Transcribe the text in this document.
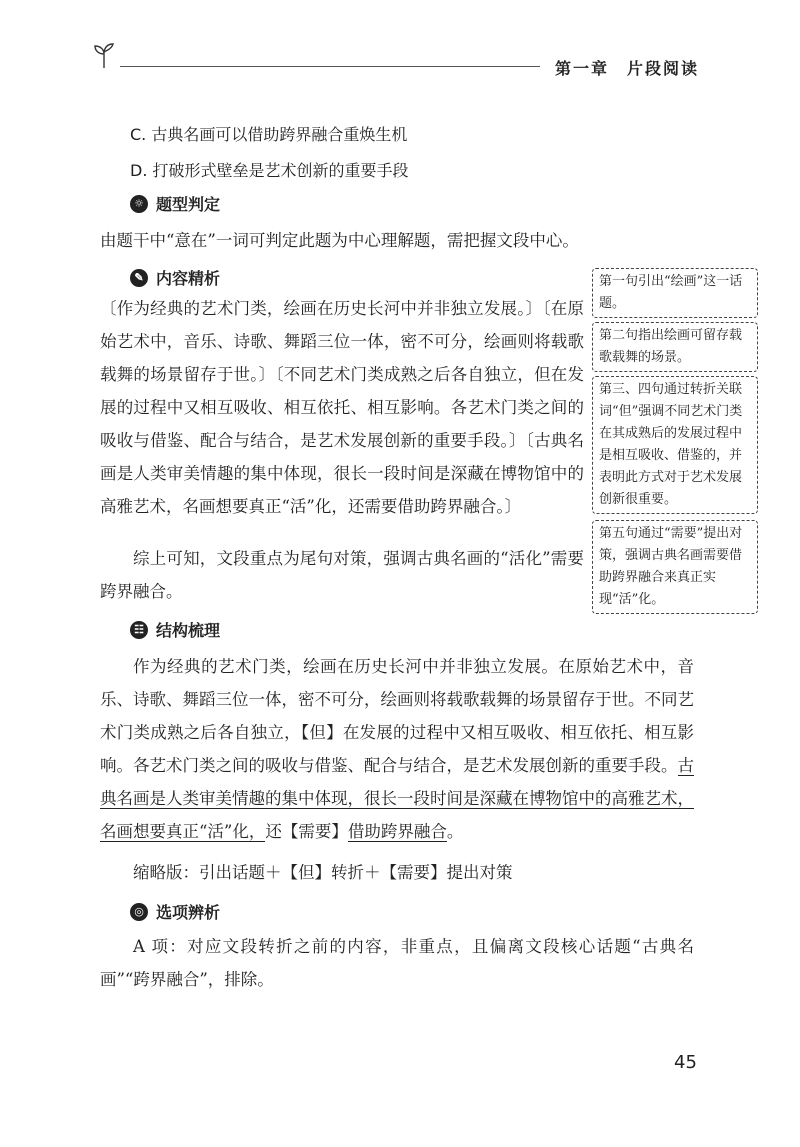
第一章　片段阅读
C. 古典名画可以借助跨界融合重焕生机
D. 打破形式壁垒是艺术创新的重要手段
☼ 题型判定
由题干中“意在”一词可判定此题为中心理解题，需把握文段中心。
✎ 内容精析
〔作为经典的艺术门类，绘画在历史长河中并非独立发展。〕〔在原始艺术中，音乐、诗歌、舞蹈三位一体，密不可分，绘画则将载歌载舞的场景留存于世。〕〔不同艺术门类成熟之后各自独立，但在发展的过程中又相互吸收、相互依托、相互影响。各艺术门类之间的吸收与借鉴、配合与结合，是艺术发展创新的重要手段。〕〔古典名画是人类审美情趣的集中体现，很长一段时间是深藏在博物馆中的高雅艺术，名画想要真正“活”化，还需要借助跨界融合。〕
综上可知，文段重点为尾句对策，强调古典名画的“活化”需要跨界融合。
第一句引出“绘画”这一话题。
第二句指出绘画可留存载歌载舞的场景。
第三、四句通过转折关联词“但”强调不同艺术门类在其成熟后的发展过程中是相互吸收、借鉴的，并表明此方式对于艺术发展创新很重要。
第五句通过“需要”提出对策，强调古典名画需要借助跨界融合来真正实现“活”化。
☷ 结构梳理
作为经典的艺术门类，绘画在历史长河中并非独立发展。在原始艺术中，音乐、诗歌、舞蹈三位一体，密不可分，绘画则将载歌载舞的场景留存于世。不同艺术门类成熟之后各自独立，【但】在发展的过程中又相互吸收、相互依托、相互影响。各艺术门类之间的吸收与借鉴、配合与结合，是艺术发展创新的重要手段。古典名画是人类审美情趣的集中体现，很长一段时间是深藏在博物馆中的高雅艺术，名画想要真正“活”化，还【需要】借助跨界融合。
缩略版：引出话题＋【但】转折＋【需要】提出对策
◎ 选项辨析
A 项：对应文段转折之前的内容，非重点，且偏离文段核心话题“古典名画”“跨界融合”，排除。
45
